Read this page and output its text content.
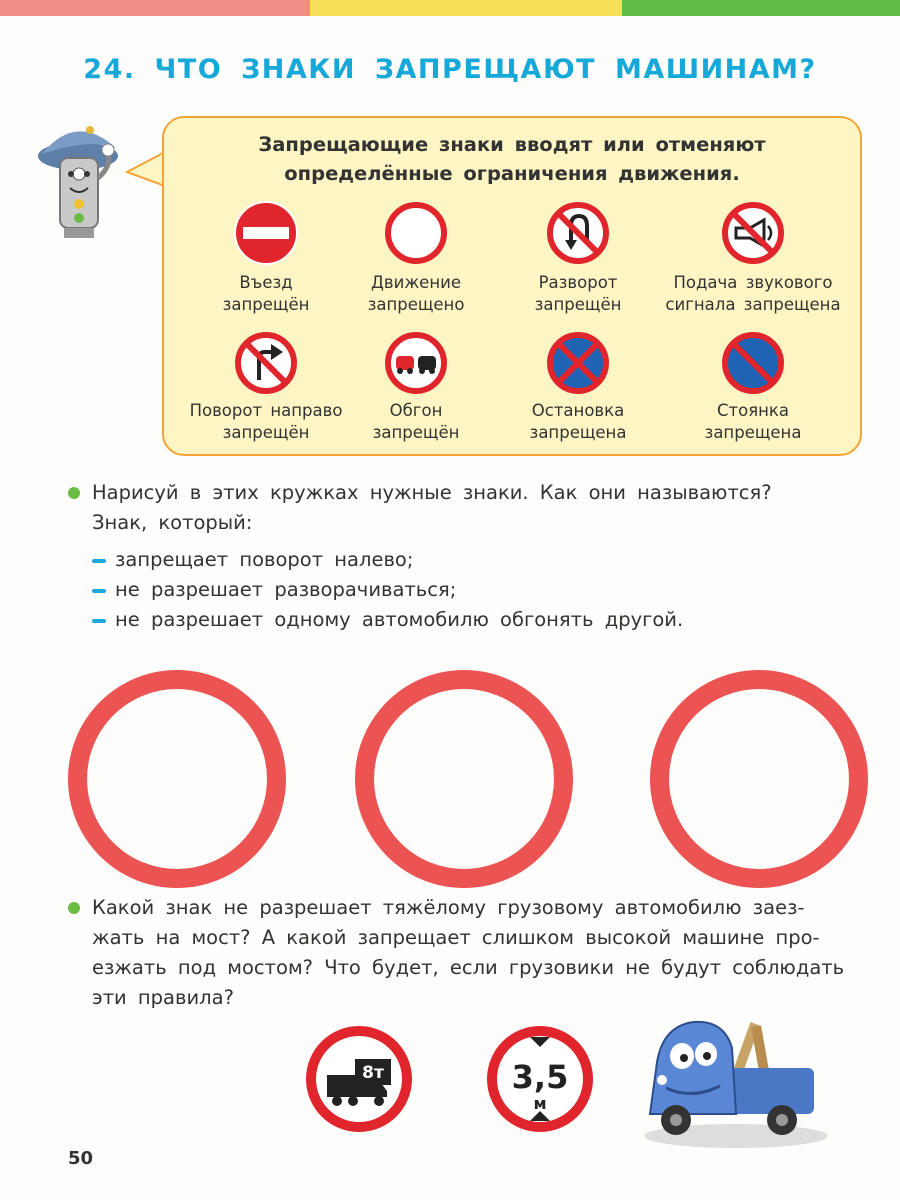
24. ЧТО ЗНАКИ ЗАПРЕЩАЮТ МАШИНАМ?
Запрещающие знаки вводят или отменяют
определённые ограничения движения.
Въезд
запрещён
Движение
запрещено
Разворот
запрещён
Подача звукового
сигнала запрещена
Поворот направо
запрещён
Обгон
запрещён
Остановка
запрещена
Стоянка
запрещена
Нарисуй в этих кружках нужные знаки. Как они называются?
Знак, который:
запрещает поворот налево;
не разрешает разворачиваться;
не разрешает одному автомобилю обгонять другой.
Какой знак не разрешает тяжёлому грузовому автомобилю заез-
жать на мост? А какой запрещает слишком высокой машине про-
езжать под мостом? Что будет, если грузовики не будут соблюдать
эти правила?
8т	3,5
м
50
